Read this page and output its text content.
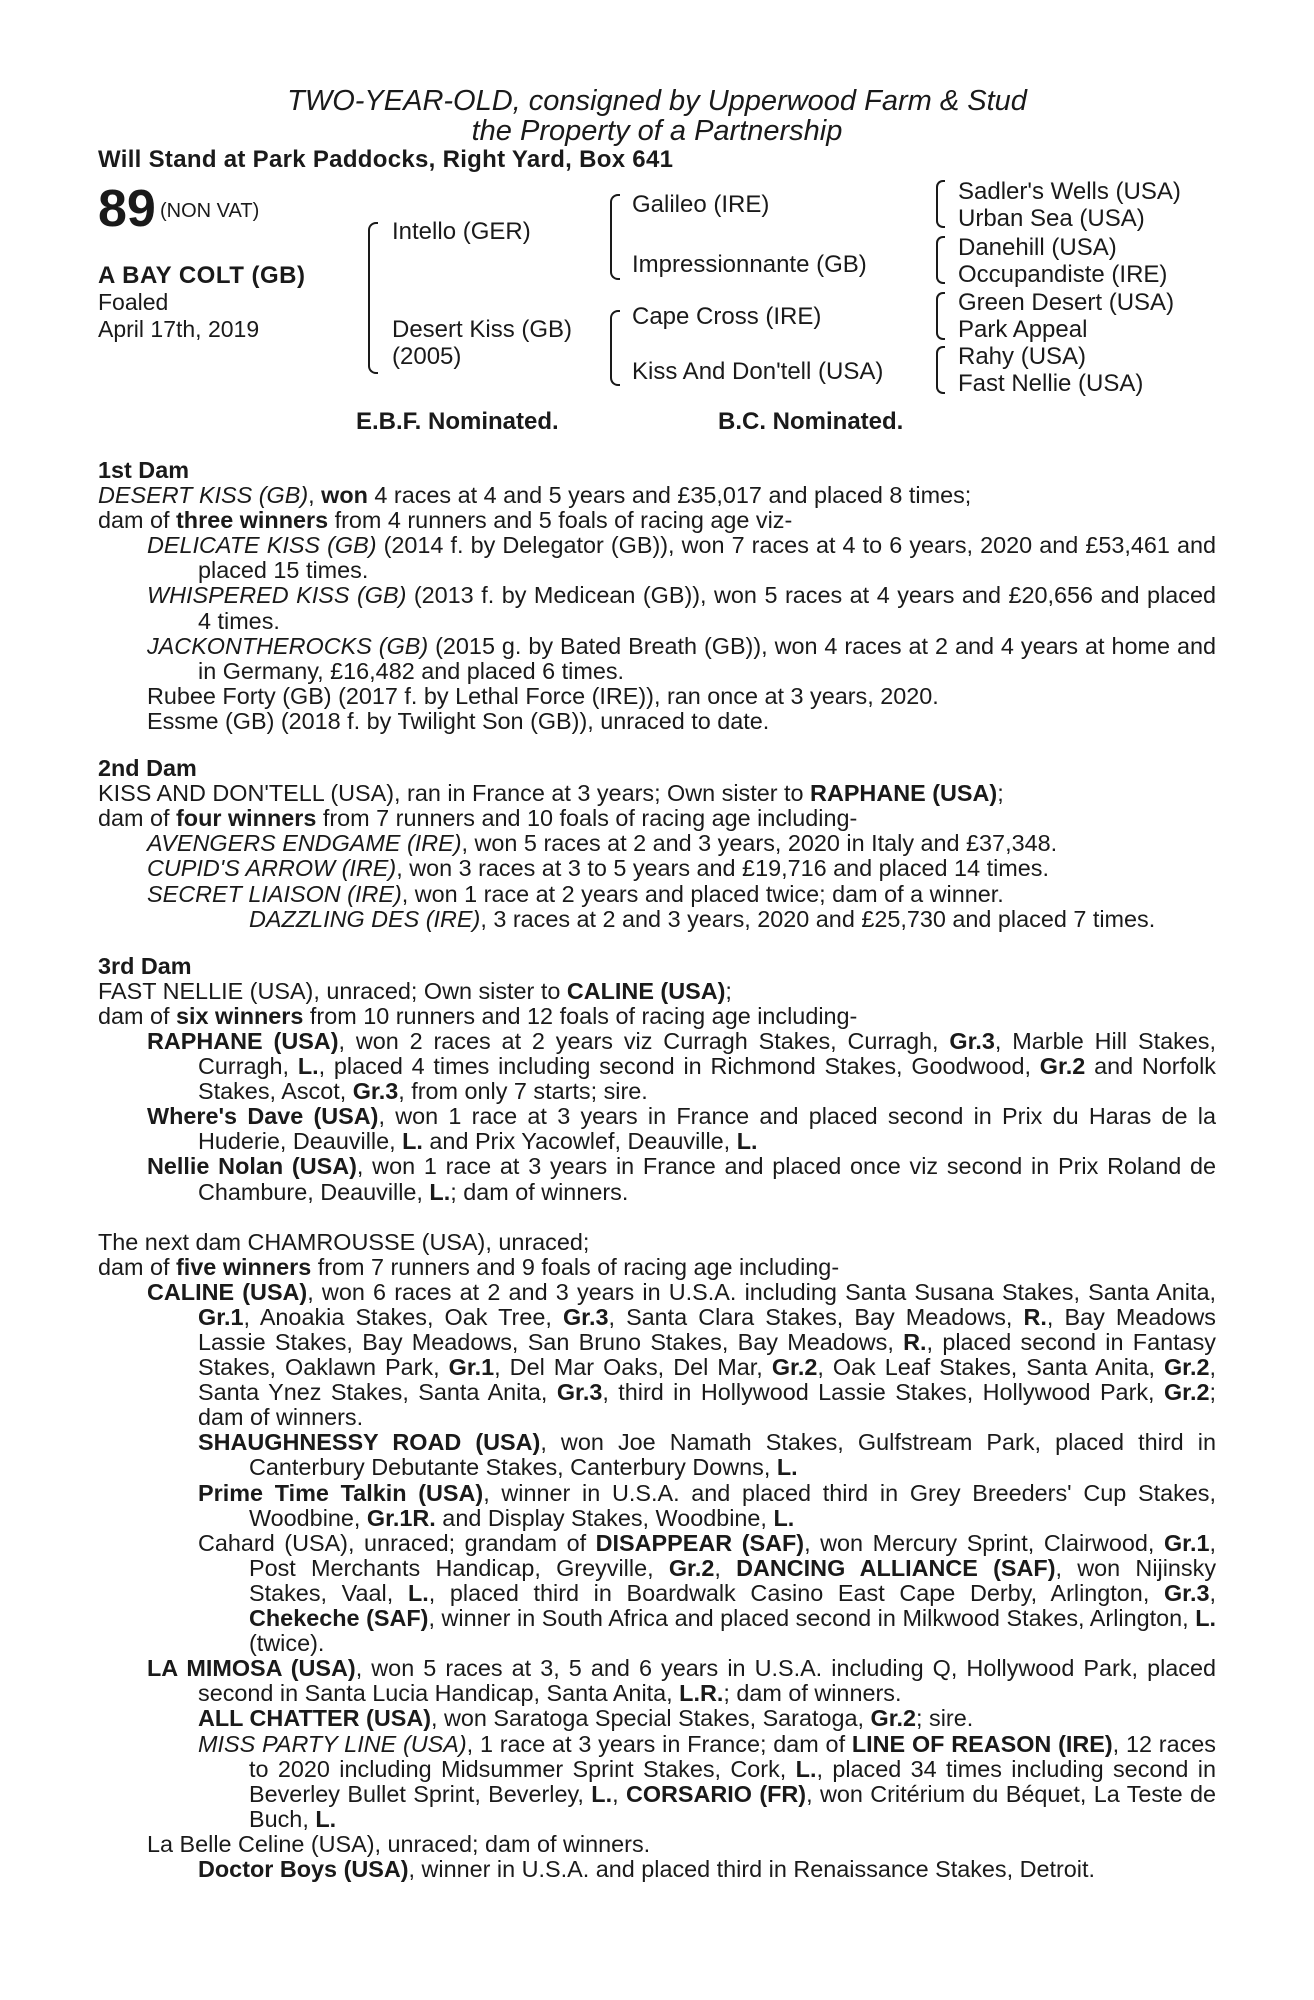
TWO-YEAR-OLD, consigned by Upperwood Farm & Stud
the Property of a Partnership
Will Stand at Park Paddocks, Right Yard, Box 641
89 (NON VAT)
A BAY COLT (GB)
Foaled
April 17th, 2019
Intello (GER)
Desert Kiss (GB)
(2005)
Galileo (IRE)
Impressionnante (GB)
Cape Cross (IRE)
Kiss And Don'tell (USA)
Sadler's Wells (USA)
Urban Sea (USA)
Danehill (USA)
Occupandiste (IRE)
Green Desert (USA)
Park Appeal
Rahy (USA)
Fast Nellie (USA)
E.B.F. Nominated.	B.C. Nominated.

1st Dam

DESERT KISS (GB), won 4 races at 4 and 5 years and £35,017 and placed 8 times;

dam of three winners from 4 runners and 5 foals of racing age viz-

DELICATE KISS (GB) (2014 f. by Delegator (GB)), won 7 races at 4 to 6 years, 2020 and £53,461 and placed 15 times.

WHISPERED KISS (GB) (2013 f. by Medicean (GB)), won 5 races at 4 years and £20,656 and placed 4 times.

JACKONTHEROCKS (GB) (2015 g. by Bated Breath (GB)), won 4 races at 2 and 4 years at home and in Germany, £16,482 and placed 6 times.

Rubee Forty (GB) (2017 f. by Lethal Force (IRE)), ran once at 3 years, 2020.

Essme (GB) (2018 f. by Twilight Son (GB)), unraced to date.

2nd Dam

KISS AND DON'TELL (USA), ran in France at 3 years; Own sister to RAPHANE (USA);

dam of four winners from 7 runners and 10 foals of racing age including-

AVENGERS ENDGAME (IRE), won 5 races at 2 and 3 years, 2020 in Italy and £37,348.

CUPID'S ARROW (IRE), won 3 races at 3 to 5 years and £19,716 and placed 14 times.

SECRET LIAISON (IRE), won 1 race at 2 years and placed twice; dam of a winner.

DAZZLING DES (IRE), 3 races at 2 and 3 years, 2020 and £25,730 and placed 7 times.

3rd Dam

FAST NELLIE (USA), unraced; Own sister to CALINE (USA);

dam of six winners from 10 runners and 12 foals of racing age including-

RAPHANE (USA), won 2 races at 2 years viz Curragh Stakes, Curragh, Gr.3, Marble Hill Stakes, Curragh, L., placed 4 times including second in Richmond Stakes, Goodwood, Gr.2 and Norfolk Stakes, Ascot, Gr.3, from only 7 starts; sire.

Where's Dave (USA), won 1 race at 3 years in France and placed second in Prix du Haras de la Huderie, Deauville, L. and Prix Yacowlef, Deauville, L.

Nellie Nolan (USA), won 1 race at 3 years in France and placed once viz second in Prix Roland de Chambure, Deauville, L.; dam of winners.

The next dam CHAMROUSSE (USA), unraced;

dam of five winners from 7 runners and 9 foals of racing age including-

CALINE (USA), won 6 races at 2 and 3 years in U.S.A. including Santa Susana Stakes, Santa Anita, Gr.1, Anoakia Stakes, Oak Tree, Gr.3, Santa Clara Stakes, Bay Meadows, R., Bay Meadows Lassie Stakes, Bay Meadows, San Bruno Stakes, Bay Meadows, R., placed second in Fantasy Stakes, Oaklawn Park, Gr.1, Del Mar Oaks, Del Mar, Gr.2, Oak Leaf Stakes, Santa Anita, Gr.2, Santa Ynez Stakes, Santa Anita, Gr.3, third in Hollywood Lassie Stakes, Hollywood Park, Gr.2; dam of winners.

SHAUGHNESSY ROAD (USA), won Joe Namath Stakes, Gulfstream Park, placed third in Canterbury Debutante Stakes, Canterbury Downs, L.

Prime Time Talkin (USA), winner in U.S.A. and placed third in Grey Breeders' Cup Stakes, Woodbine, Gr.1R. and Display Stakes, Woodbine, L.

Cahard (USA), unraced; grandam of DISAPPEAR (SAF), won Mercury Sprint, Clairwood, Gr.1, Post Merchants Handicap, Greyville, Gr.2, DANCING ALLIANCE (SAF), won Nijinsky Stakes, Vaal, L., placed third in Boardwalk Casino East Cape Derby, Arlington, Gr.3, Chekeche (SAF), winner in South Africa and placed second in Milkwood Stakes, Arlington, L. (twice).

LA MIMOSA (USA), won 5 races at 3, 5 and 6 years in U.S.A. including Q, Hollywood Park, placed second in Santa Lucia Handicap, Santa Anita, L.R.; dam of winners.

ALL CHATTER (USA), won Saratoga Special Stakes, Saratoga, Gr.2; sire.

MISS PARTY LINE (USA), 1 race at 3 years in France; dam of LINE OF REASON (IRE), 12 races to 2020 including Midsummer Sprint Stakes, Cork, L., placed 34 times including second in Beverley Bullet Sprint, Beverley, L., CORSARIO (FR), won Critérium du Béquet, La Teste de Buch, L.

La Belle Celine (USA), unraced; dam of winners.

Doctor Boys (USA), winner in U.S.A. and placed third in Renaissance Stakes, Detroit.
